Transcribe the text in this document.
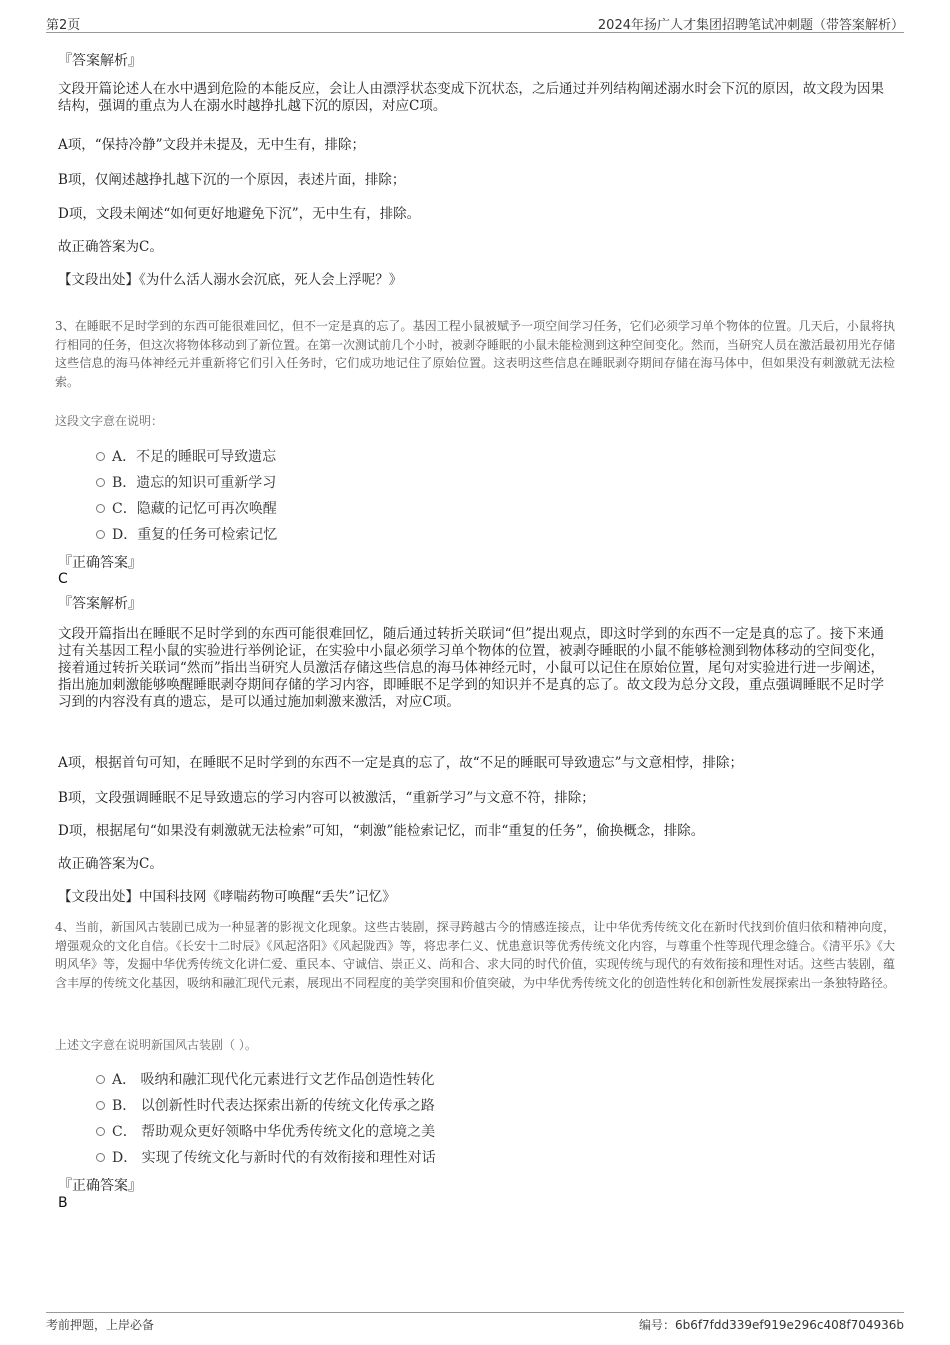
第2页	2024年扬广人才集团招聘笔试冲刺题（带答案解析）
『答案解析』
文段开篇论述人在水中遇到危险的本能反应，会让人由漂浮状态变成下沉状态，之后通过并列结构阐述溺水时会下沉的原因，故文段为因果结构，强调的重点为人在溺水时越挣扎越下沉的原因，对应C项。
A项，“保持冷静”文段并未提及，无中生有，排除；
B项，仅阐述越挣扎越下沉的一个原因，表述片面，排除；
D项，文段未阐述“如何更好地避免下沉”，无中生有，排除。
故正确答案为C。
【文段出处】《为什么活人溺水会沉底，死人会上浮呢？》
3、在睡眠不足时学到的东西可能很难回忆，但不一定是真的忘了。基因工程小鼠被赋予一项空间学习任务，它们必须学习单个物体的位置。几天后，小鼠将执行相同的任务，但这次将物体移动到了新位置。在第一次测试前几个小时，被剥夺睡眠的小鼠未能检测到这种空间变化。然而，当研究人员在激活最初用光存储这些信息的海马体神经元并重新将它们引入任务时，它们成功地记住了原始位置。这表明这些信息在睡眠剥夺期间存储在海马体中，但如果没有刺激就无法检索。
这段文字意在说明：
A．不足的睡眠可导致遗忘
B．遗忘的知识可重新学习
C．隐藏的记忆可再次唤醒
D．重复的任务可检索记忆
『正确答案』
C
『答案解析』
文段开篇指出在睡眠不足时学到的东西可能很难回忆，随后通过转折关联词“但”提出观点，即这时学到的东西不一定是真的忘了。接下来通过有关基因工程小鼠的实验进行举例论证，在实验中小鼠必须学习单个物体的位置，被剥夺睡眠的小鼠不能够检测到物体移动的空间变化，接着通过转折关联词“然而”指出当研究人员激活存储这些信息的海马体神经元时，小鼠可以记住在原始位置，尾句对实验进行进一步阐述，指出施加刺激能够唤醒睡眠剥夺期间存储的学习内容，即睡眠不足学到的知识并不是真的忘了。故文段为总分文段，重点强调睡眠不足时学习到的内容没有真的遗忘，是可以通过施加刺激来激活，对应C项。
A项，根据首句可知，在睡眠不足时学到的东西不一定是真的忘了，故“不足的睡眠可导致遗忘”与文意相悖，排除；
B项，文段强调睡眠不足导致遗忘的学习内容可以被激活，“重新学习”与文意不符，排除；
D项，根据尾句“如果没有刺激就无法检索”可知，“刺激”能检索记忆，而非“重复的任务”，偷换概念，排除。
故正确答案为C。
【文段出处】中国科技网《哮喘药物可唤醒“丢失”记忆》
4、当前，新国风古装剧已成为一种显著的影视文化现象。这些古装剧，探寻跨越古今的情感连接点，让中华优秀传统文化在新时代找到价值归依和精神向度，增强观众的文化自信。《长安十二时辰》《风起洛阳》《风起陇西》等，将忠孝仁义、忧患意识等优秀传统文化内容，与尊重个性等现代理念缝合。《清平乐》《大明风华》等，发掘中华优秀传统文化讲仁爱、重民本、守诚信、崇正义、尚和合、求大同的时代价值，实现传统与现代的有效衔接和理性对话。这些古装剧，蕴含丰厚的传统文化基因，吸纳和融汇现代元素，展现出不同程度的美学突围和价值突破，为中华优秀传统文化的创造性转化和创新性发展探索出一条独特路径。
上述文字意在说明新国风古装剧（ ）。
A． 吸纳和融汇现代化元素进行文艺作品创造性转化
B． 以创新性时代表达探索出新的传统文化传承之路
C． 帮助观众更好领略中华优秀传统文化的意境之美
D． 实现了传统文化与新时代的有效衔接和理性对话
『正确答案』
B
考前押题，上岸必备	编号：6b6f7fdd339ef919e296c408f704936b
